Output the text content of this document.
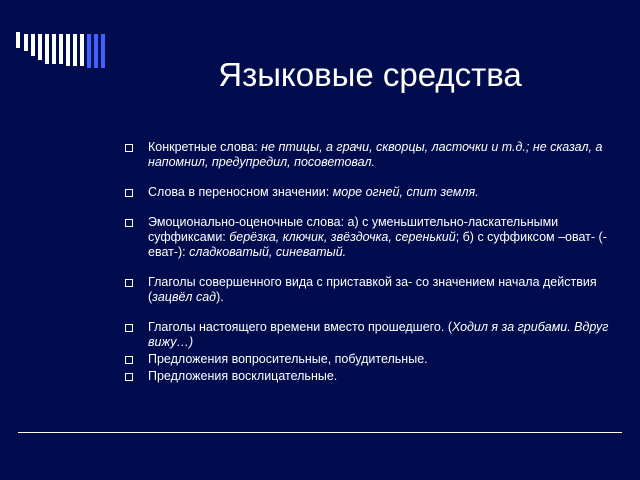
Языковые средства
Конкретные слова: не птицы, а грачи, скворцы, ласточки и т.д.; не сказал, а напомнил, предупредил, посоветовал.
Слова в переносном значении: море огней, спит земля.
Эмоционально-оценочные слова: а) с уменьшительно-ласкательными суффиксами: берёзка, ключик, звёздочка, серенький; б) с суффиксом –оват- (-еват-): сладковатый, синеватый.
Глаголы совершенного вида с приставкой за- со значением начала действия (зацвёл сад).
Глаголы настоящего времени вместо прошедшего. (Ходил я за грибами. Вдруг вижу…)
Предложения вопросительные, побудительные.
Предложения восклицательные.
